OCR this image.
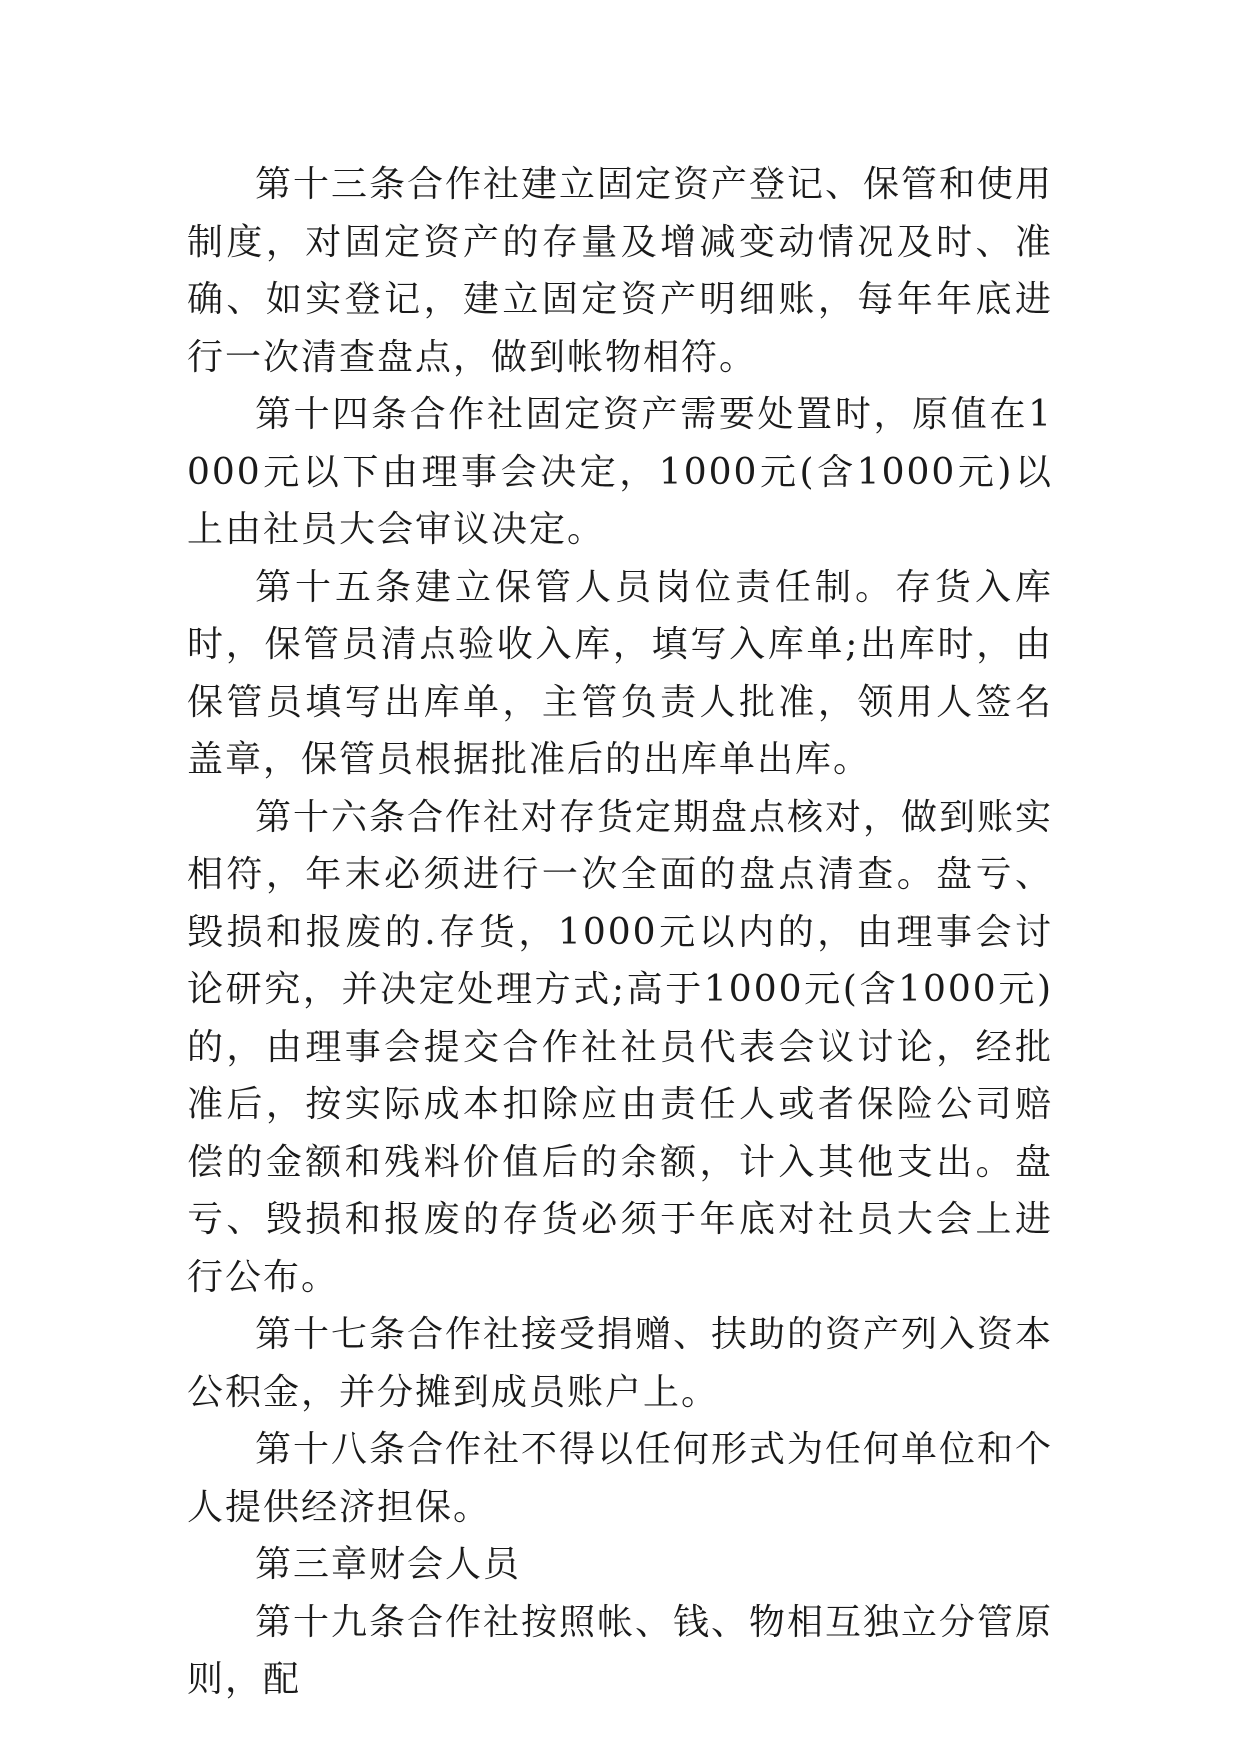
第十三条合作社建立固定资产登记、保管和使用制度，对固定资产的存量及增减变动情况及时、准确、如实登记，建立固定资产明细账，每年年底进行一次清查盘点，做到帐物相符。

第十四条合作社固定资产需要处置时，原值在1000元以下由理事会决定，1000元(含1000元)以上由社员大会审议决定。

第十五条建立保管人员岗位责任制。存货入库时，保管员清点验收入库，填写入库单;出库时，由保管员填写出库单，主管负责人批准，领用人签名盖章，保管员根据批准后的出库单出库。

第十六条合作社对存货定期盘点核对，做到账实相符，年末必须进行一次全面的盘点清查。盘亏、毁损和报废的.存货，1000元以内的，由理事会讨论研究，并决定处理方式;高于1000元(含1000元)的，由理事会提交合作社社员代表会议讨论，经批准后，按实际成本扣除应由责任人或者保险公司赔偿的金额和残料价值后的余额，计入其他支出。盘亏、毁损和报废的存货必须于年底对社员大会上进行公布。

第十七条合作社接受捐赠、扶助的资产列入资本公积金，并分摊到成员账户上。

第十八条合作社不得以任何形式为任何单位和个人提供经济担保。

第三章财会人员

第十九条合作社按照帐、钱、物相互独立分管原则，配
